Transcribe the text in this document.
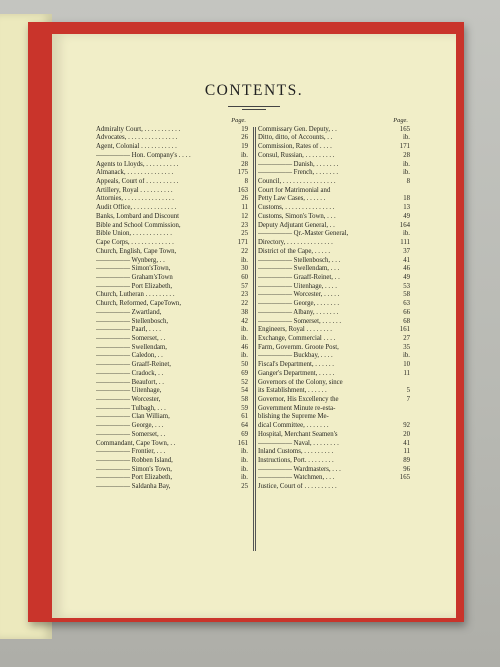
CONTENTS.
Page.
Admiralty Court, . . . . . . . . . . .	19
Advocates, . . . . . . . . . . . . . . .	26
Agent, Colonial . . . . . . . . . . .	19
――――― Hon. Company's . . . .	ib.
Agents to Lloyds, . . . . . . . . . .	28
Almanack, . . . . . . . . . . . . . .	175
Appeals, Court of . . . . . . . . . .	8
Artillery, Royal . . . . . . . . . .	163
Attornies, . . . . . . . . . . . . . . .	26
Audit Office, . . . . . . . . . . . . .	11
Banks, Lombard and Discount	12
Bible and School Commission,	23
Bible Union, . . . . . . . . . . . .	25
Cape Corps, . . . . . . . . . . . . .	171
Church, English, Cape Town,	22
――――― Wynberg, . .	ib.
――――― Simon'sTown,	30
――――― Graham'sTown	60
――――― Port Elizabeth,	57
Church, Lutheran . . . . . . . . .	23
Church, Reformed, CapeTown,	22
――――― Zwartland,	38
――――― Stellenbosch,	42
――――― Paarl, . . . .	ib.
――――― Somerset, . .	ib.
――――― Swellendam,	46
――――― Caledon, . .	ib.
――――― Graaff-Reinet,	50
――――― Cradock, . .	69
――――― Beaufort, . .	52
――――― Uitenhage,	54
――――― Worcester,	58
――――― Tulbagh, . . .	59
――――― Clan William,	61
――――― George, . . .	64
――――― Somerset, . .	69
Commandant, Cape Town, . .	161
――――― Frontier, . . .	ib.
――――― Robben Island,	ib.
――――― Simon's Town,	ib.
――――― Port Elizabeth,	ib.
――――― Saldanha Bay,	25
Page.
Commissary Gen. Deputy, . .	165
Ditto, ditto, of Accounts, . .	ib.
Commission, Rates of . . . .	171
Consul, Russian, . . . . . . . . .	28
――――― Danish, . . . . . . .	ib.
――――― French, . . . . . . .	ib.
Council, . . . . . . . . . . . . . . . .	8
Court for Matrimonial and
Petty Law Cases, . . . . . .	18
Customs, . . . . . . . . . . . . . . .	13
Customs, Simon's Town, . . .	49
Deputy Adjutant General, . .	164
――――― Qr.-Master General,	ib.
Directory, . . . . . . . . . . . . . .	111
District of the Cape, . . . . .	37
――――― Stellenbosch, . . .	41
――――― Swellendam, . . .	46
――――― Graaff-Reinet, . .	49
――――― Uitenhage, . . . .	53
――――― Worcester, . . . . .	58
――――― George, . . . . . . .	63
――――― Albany, . . . . . . .	66
――――― Somerset, . . . . . .	68
Engineers, Royal . . . . . . . .	161
Exchange, Commercial . . . .	27
Farm, Governm. Groote Post,	35
――――― Buckbay, . . . .	ib.
Fiscal's Department, . . . . . .	10
Ganger's Department, . . . . .	11
Governors of the Colony, since
its Establishment, . . . . . .	5
Governor, His Excellency the	7
Government Minute re-esta-
blishing the Supreme Me-
dical Committee, . . . . . . .	92
Hospital, Merchant Seamen's	20
――――― Naval, . . . . . . . .	41
Inland Customs, . . . . . . . . .	11
Instructions, Port. . . . . . . . .	89
――――― Wardmasters, . . .	96
――――― Watchmen, . . .	165
Justice, Court of . . . . . . . . . .
